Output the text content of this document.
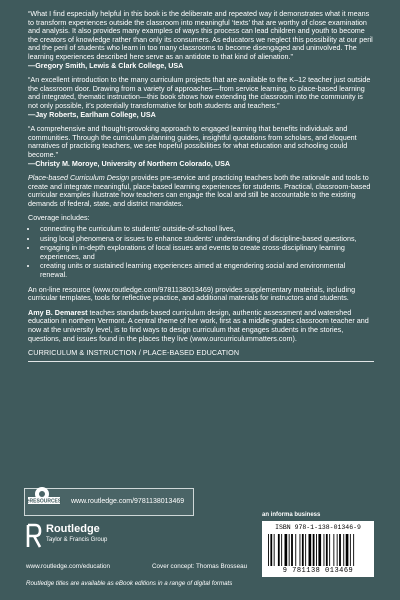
“What I find especially helpful in this book is the deliberate and repeated way it demonstrates what it means to transform experiences outside the classroom into meaningful ‘texts’ that are worthy of close examination and analysis. It also provides many examples of ways this process can lead children and youth to become the creators of knowledge rather than only its consumers. As educators we neglect this possibility at our peril and the peril of students who learn in too many classrooms to become disengaged and uninvolved. The learning experiences described here serve as an antidote to that kind of alienation.”
—Gregory Smith, Lewis & Clark College, USA

“An excellent introduction to the many curriculum projects that are available to the K–12 teacher just outside the classroom door. Drawing from a variety of approaches—from service learning, to place-based learning and integrated, thematic instruction—this book shows how extending the classroom into the community is not only possible, it’s potentially transformative for both students and teachers.”
—Jay Roberts, Earlham College, USA

“A comprehensive and thought-provoking approach to engaged learning that benefits individuals and communities. Through the curriculum planning guides, insightful quotations from scholars, and eloquent narratives of practicing teachers, we see hopeful possibilities for what education and schooling could become.”
—Christy M. Moroye, University of Northern Colorado, USA

Place-based Curriculum Design provides pre-service and practicing teachers both the rationale and tools to create and integrate meaningful, place-based learning experiences for students. Practical, classroom-based curricular examples illustrate how teachers can engage the local and still be accountable to the existing demands of federal, state, and district mandates.

Coverage includes:

• connecting the curriculum to students’ outside-of-school lives,
• using local phenomena or issues to enhance students’ understanding of discipline-based questions,
• engaging in in-depth explorations of local issues and events to create cross-disciplinary learning experiences, and
• creating units or sustained learning experiences aimed at engendering social and environmental renewal.

An on-line resource (www.routledge.com/9781138013469) provides supplementary materials, including curricular templates, tools for reflective practice, and additional materials for instructors and students.

Amy B. Demarest teaches standards-based curriculum design, authentic assessment and watershed education in northern Vermont. A central theme of her work, first as a middle-grades classroom teacher and now at the university level, is to find ways to design curriculum that engages students in the stories, questions, and issues found in the places they live (www.ourcurriculummatters.com).

CURRICULUM & INSTRUCTION / PLACE-BASED EDUCATION
eRESOURCES www.routledge.com/9781138013469
Routledge
Taylor & Francis Group
www.routledge.com/education	Cover concept: Thomas Brosseau
Routledge titles are available as eBook editions in a range of digital formats
an informa business
ISBN 978-1-138-01346-9
9 781138 013469
